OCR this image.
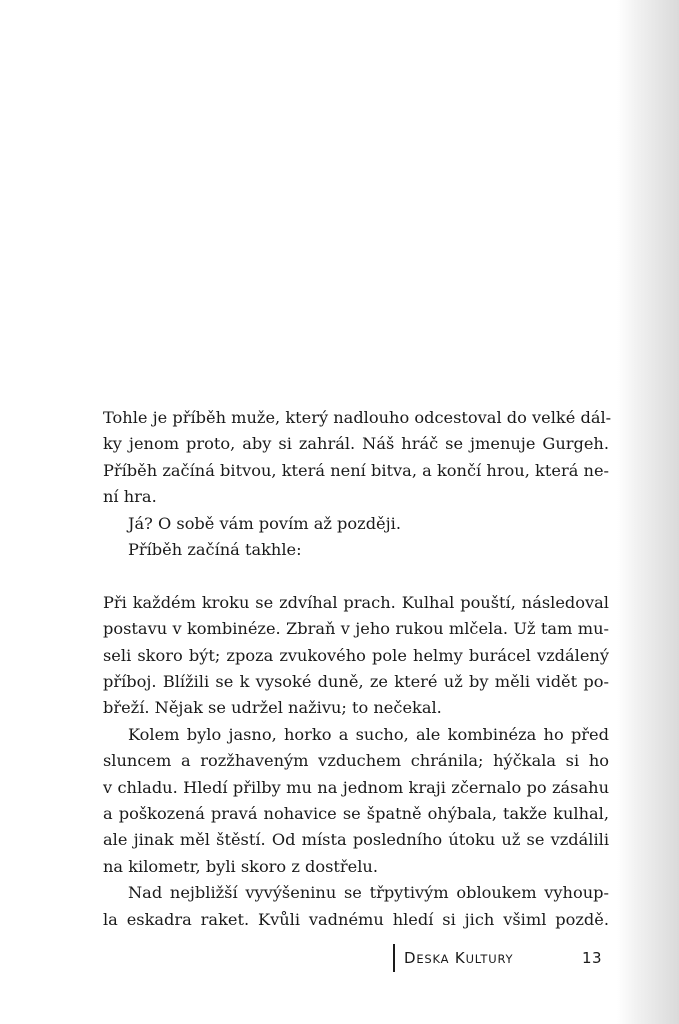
Tohle je příběh muže, který nadlouho odcestoval do velké dál-
ky jenom proto, aby si zahrál. Náš hráč se jmenuje Gurgeh.
Příběh začíná bitvou, která není bitva, a končí hrou, která ne-
ní hra.
Já? O sobě vám povím až později.
Příběh začíná takhle:
Při každém kroku se zdvíhal prach. Kulhal pouští, následoval
postavu v kombinéze. Zbraň v jeho rukou mlčela. Už tam mu-
seli skoro být; zpoza zvukového pole helmy burácel vzdálený
příboj. Blížili se k vysoké duně, ze které už by měli vidět po-
břeží. Nějak se udržel naživu; to nečekal.
Kolem bylo jasno, horko a sucho, ale kombinéza ho před
sluncem a rozžhaveným vzduchem chránila; hýčkala si ho
v chladu. Hledí přilby mu na jednom kraji zčernalo po zásahu
a poškozená pravá nohavice se špatně ohýbala, takže kulhal,
ale jinak měl štěstí. Od místa posledního útoku už se vzdálili
na kilometr, byli skoro z dostřelu.
Nad nejbližší vyvýšeninu se třpytivým obloukem vyhoup-
la eskadra raket. Kvůli vadnému hledí si jich všiml pozdě.
DESKA KULTURY	13
